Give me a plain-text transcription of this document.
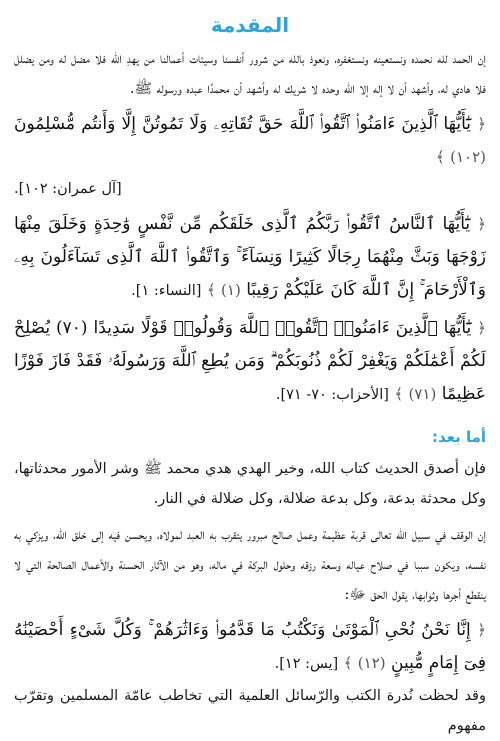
المقدمة

إن الحمد لله نحمده ونستعينه ونستغفره، ونعوذ بالله من شرور أنفسنا وسيئات أعمالنا من يهدِ الله فلا مضل له ومن يضلل فلا هادي له، وأشهد أن لا إله إلا الله وحده لا شريك له وأشهد أن محمدًا عبده ورسوله ﷺ.

﴿ يَٰٓأَيُّهَا ٱلَّذِينَ ءَامَنُوا۟ ٱتَّقُوا۟ ٱللَّهَ حَقَّ تُقَاتِهِۦ وَلَا تَمُوتُنَّ إِلَّا وَأَنتُم مُّسْلِمُونَ (١٠٢) ﴾

[آل عمران: ١٠٢].

﴿ يَٰٓأَيُّهَا ٱلنَّاسُ ٱتَّقُوا۟ رَبَّكُمُ ٱلَّذِى خَلَقَكُم مِّن نَّفْسٍ وَٰحِدَةٍ وَخَلَقَ مِنْهَا زَوْجَهَا وَبَثَّ مِنْهُمَا رِجَالًا كَثِيرًا وَنِسَآءً ۚ وَٱتَّقُوا۟ ٱللَّهَ ٱلَّذِى تَسَآءَلُونَ بِهِۦ وَٱلْأَرْحَامَ ۚ إِنَّ ٱللَّهَ كَانَ عَلَيْكُمْ رَقِيبًا (١) ﴾ [النساء: ١].

﴿ يَٰٓأَيُّهَا ٱلَّذِينَ ءَامَنُوا۟ ٱتَّقُوا۟ ٱللَّهَ وَقُولُوا۟ قَوْلًا سَدِيدًا (٧٠) يُصْلِحْ لَكُمْ أَعْمَٰلَكُمْ وَيَغْفِرْ لَكُمْ ذُنُوبَكُمْ ۗ وَمَن يُطِعِ ٱللَّهَ وَرَسُولَهُۥ فَقَدْ فَازَ فَوْزًا عَظِيمًا (٧١) ﴾ [الأحزاب: ٧٠- ٧١].

أما بعد:

فإن أصدق الحديث كتاب الله، وخير الهدي هدي محمد ﷺ وشر الأمور محدثاتها، وكل محدثة بدعة، وكل بدعة ضلالة، وكل ضلالة في النار.

إن الوقف في سبيل الله تعالى قربة عظيمة وعمل صالح مبرور يتقرب به العبد لمولاه، ويحسن فيه إلى خلق الله، ويزكي به نفسه، ويكون سببا في صلاح عياله وسعة رزقه وحلول البركة في ماله، وهو من الآثار الحسنة والأعمال الصالحة التي لا ينقطع أجرها وثوابها، يقول الحق ﷻ:

﴿ إِنَّا نَحْنُ نُحْىِ ٱلْمَوْتَىٰ وَنَكْتُبُ مَا قَدَّمُوا۟ وَءَاثَٰرَهُمْ ۚ وَكُلَّ شَىْءٍ أَحْصَيْنَٰهُ فِىٓ إِمَامٍ مُّبِينٍ (١٢) ﴾ [يس: ١٢].

وقد لحظت نُدرة الكتب والرّسائل العلمية التي تخاطب عامّة المسلمين وتقرّب مفهوم
